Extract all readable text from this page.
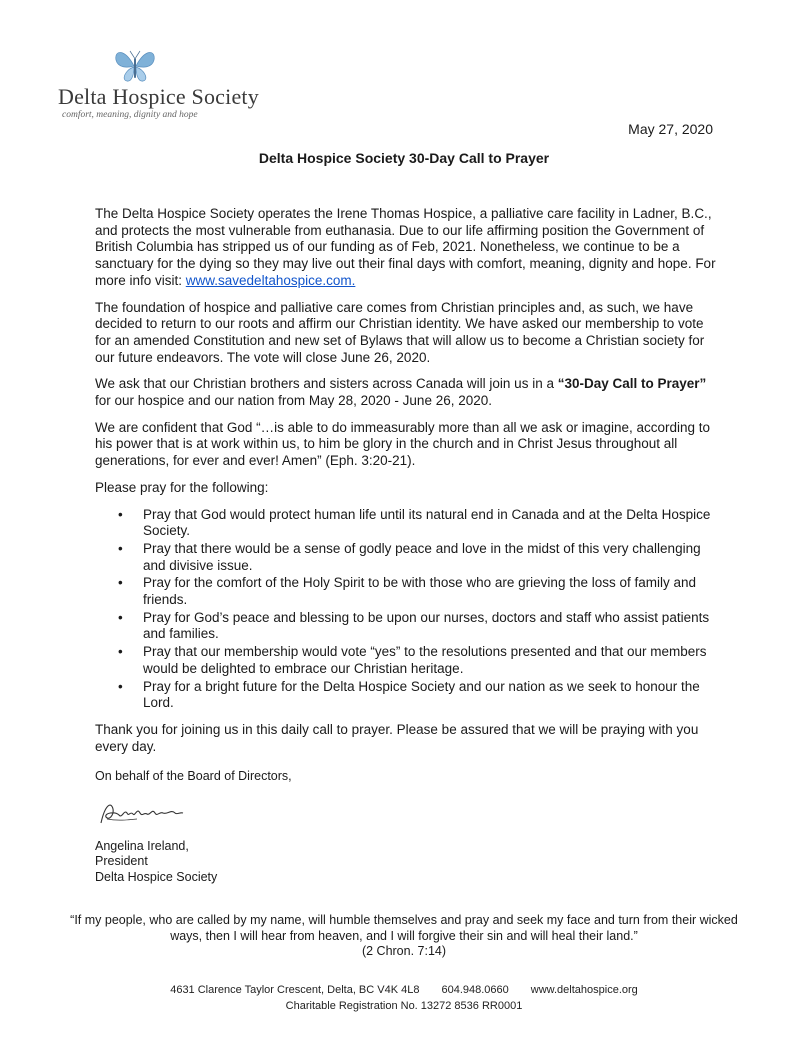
Delta Hospice Society
comfort, meaning, dignity and hope
May 27, 2020
Delta Hospice Society 30-Day Call to Prayer

The Delta Hospice Society operates the Irene Thomas Hospice, a palliative care facility in Ladner, B.C., and protects the most vulnerable from euthanasia. Due to our life affirming position the Government of British Columbia has stripped us of our funding as of Feb, 2021. Nonetheless, we continue to be a sanctuary for the dying so they may live out their final days with comfort, meaning, dignity and hope. For more info visit: www.savedeltahospice.com.

The foundation of hospice and palliative care comes from Christian principles and, as such, we have decided to return to our roots and affirm our Christian identity. We have asked our membership to vote for an amended Constitution and new set of Bylaws that will allow us to become a Christian society for our future endeavors. The vote will close June 26, 2020.

We ask that our Christian brothers and sisters across Canada will join us in a “30-Day Call to Prayer” for our hospice and our nation from May 28, 2020 - June 26, 2020.

We are confident that God “…is able to do immeasurably more than all we ask or imagine, according to his power that is at work within us, to him be glory in the church and in Christ Jesus throughout all generations, for ever and ever! Amen” (Eph. 3:20-21).

Please pray for the following:

• Pray that God would protect human life until its natural end in Canada and at the Delta Hospice Society.
• Pray that there would be a sense of godly peace and love in the midst of this very challenging and divisive issue.
• Pray for the comfort of the Holy Spirit to be with those who are grieving the loss of family and friends.
• Pray for God’s peace and blessing to be upon our nurses, doctors and staff who assist patients and families.
• Pray that our membership would vote “yes” to the resolutions presented and that our members would be delighted to embrace our Christian heritage.
• Pray for a bright future for the Delta Hospice Society and our nation as we seek to honour the Lord.

Thank you for joining us in this daily call to prayer. Please be assured that we will be praying with you every day.

On behalf of the Board of Directors,
Angelina Ireland,
President
Delta Hospice Society
“If my people, who are called by my name, will humble themselves and pray and seek my face and turn from their wicked ways, then I will hear from heaven, and I will forgive their sin and will heal their land.”
(2 Chron. 7:14)
4631 Clarence Taylor Crescent, Delta, BC V4K 4L8 604.948.0660 www.deltahospice.org
Charitable Registration No. 13272 8536 RR0001
